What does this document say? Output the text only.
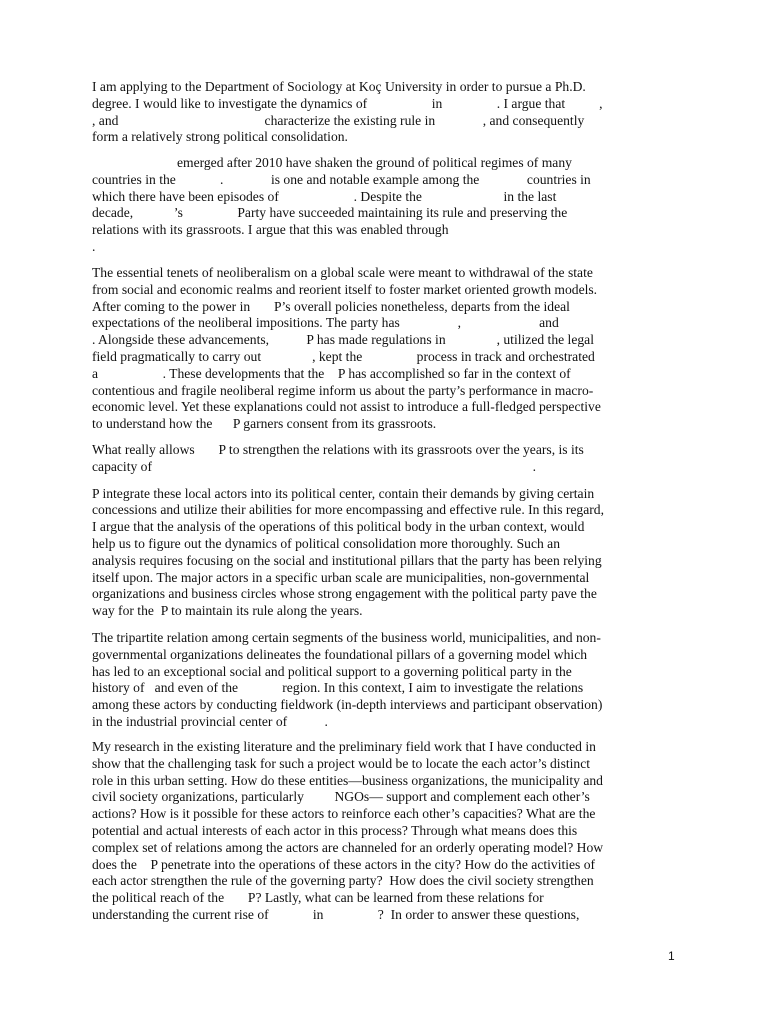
I am applying to the Department of Sociology at Koç University in order to pursue a Ph.D.
degree. I would like to investigate the dynamics of                   in                . I argue that          ,
, and                                           characterize the existing rule in              , and consequently
form a relatively strong political consolidation.
emerged after 2010 have shaken the ground of political regimes of many
countries in the             .              is one and notable example among the              countries in
which there have been episodes of                      . Despite the                        in the last
decade,            ’s                Party have succeeded maintaining its rule and preserving the
relations with its grassroots. I argue that this was enabled through
.
The essential tenets of neoliberalism on a global scale were meant to withdrawal of the state
from social and economic realms and reorient itself to foster market oriented growth models.
After coming to the power in       P’s overall policies nonetheless, departs from the ideal
expectations of the neoliberal impositions. The party has                 ,                       and
. Alongside these advancements,           P has made regulations in               , utilized the legal
field pragmatically to carry out               , kept the                process in track and orchestrated
a                   . These developments that the    P has accomplished so far in the context of
contentious and fragile neoliberal regime inform us about the party’s performance in macro-
economic level. Yet these explanations could not assist to introduce a full-fledged perspective
to understand how the      P garners consent from its grassroots.
What really allows       P to strengthen the relations with its grassroots over the years, is its
capacity of                                                                                                                .
P integrate these local actors into its political center, contain their demands by giving certain
concessions and utilize their abilities for more encompassing and effective rule. In this regard,
I argue that the analysis of the operations of this political body in the urban context, would
help us to figure out the dynamics of political consolidation more thoroughly. Such an
analysis requires focusing on the social and institutional pillars that the party has been relying
itself upon. The major actors in a specific urban scale are municipalities, non-governmental
organizations and business circles whose strong engagement with the political party pave the
way for the  P to maintain its rule along the years.
The tripartite relation among certain segments of the business world, municipalities, and non-
governmental organizations delineates the foundational pillars of a governing model which
has led to an exceptional social and political support to a governing political party in the
history of   and even of the             region. In this context, I aim to investigate the relations
among these actors by conducting fieldwork (in-depth interviews and participant observation)
in the industrial provincial center of           .
My research in the existing literature and the preliminary field work that I have conducted in
show that the challenging task for such a project would be to locate the each actor’s distinct
role in this urban setting. How do these entities—business organizations, the municipality and
civil society organizations, particularly         NGOs— support and complement each other’s
actions? How is it possible for these actors to reinforce each other’s capacities? What are the
potential and actual interests of each actor in this process? Through what means does this
complex set of relations among the actors are channeled for an orderly operating model? How
does the    P penetrate into the operations of these actors in the city? How do the activities of
each actor strengthen the rule of the governing party?  How does the civil society strengthen
the political reach of the       P? Lastly, what can be learned from these relations for
understanding the current rise of             in                ?  In order to answer these questions,
1
